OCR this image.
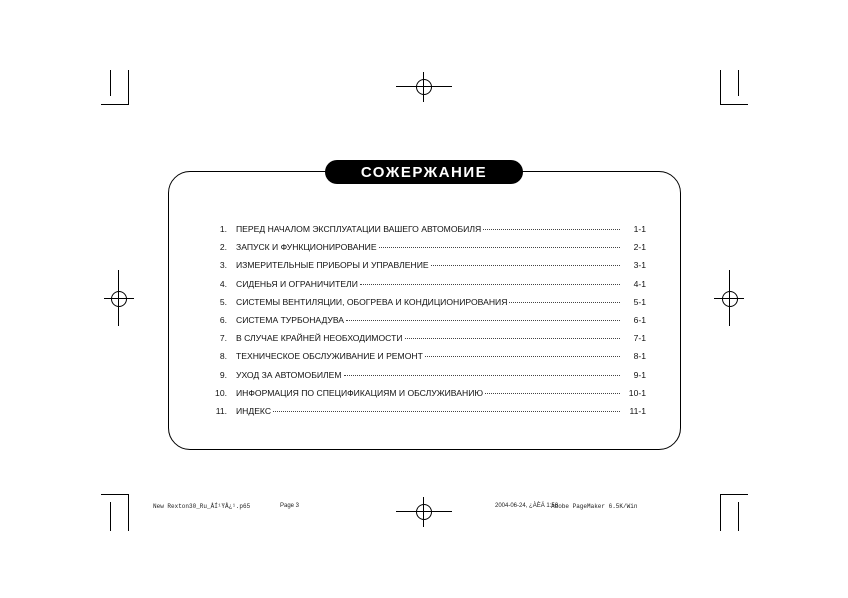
СОЖЕРЖАНИЕ
1.	ПЕРЕД НАЧАЛОМ ЭКСПЛУАТАЦИИ ВАШЕГО АВТОМОБИЛЯ	1-1
2.	ЗАПУСК И ФУНКЦИОНИРОВАНИЕ	2-1
3.	ИЗМЕРИТЕЛЬНЫЕ ПРИБОРЫ И УПРАВЛЕНИЕ	3-1
4.	СИДЕНЬЯ И ОГРАНИЧИТЕЛИ	4-1
5.	СИСТЕМЫ ВЕНТИЛЯЦИИ, ОБОГРЕВА И КОНДИЦИОНИРОВАНИЯ	5-1
6.	СИСТЕМА ТУРБОНАДУВА	6-1
7.	В СЛУЧАЕ КРАЙНЕЙ НЕОБХОДИМОСТИ	7-1
8.	ТЕХНИЧЕСКОЕ ОБСЛУЖИВАНИЕ И РЕМОНТ	8-1
9.	УХОД ЗА АВТОМОБИЛЕМ	9-1
10.	ИНФОРМАЦИЯ ПО СПЕЦИФИКАЦИЯМ И ОБСЛУЖИВАНИЮ	10-1
11.	ИНДЕКС	11-1
New Rexton30_Ru_ÅÍ¹ŸÂ¿¹.p65	Page 3	2004-06-24, ¿ÀÈÄ 1:56
Adobe PageMaker 6.5K/Win
